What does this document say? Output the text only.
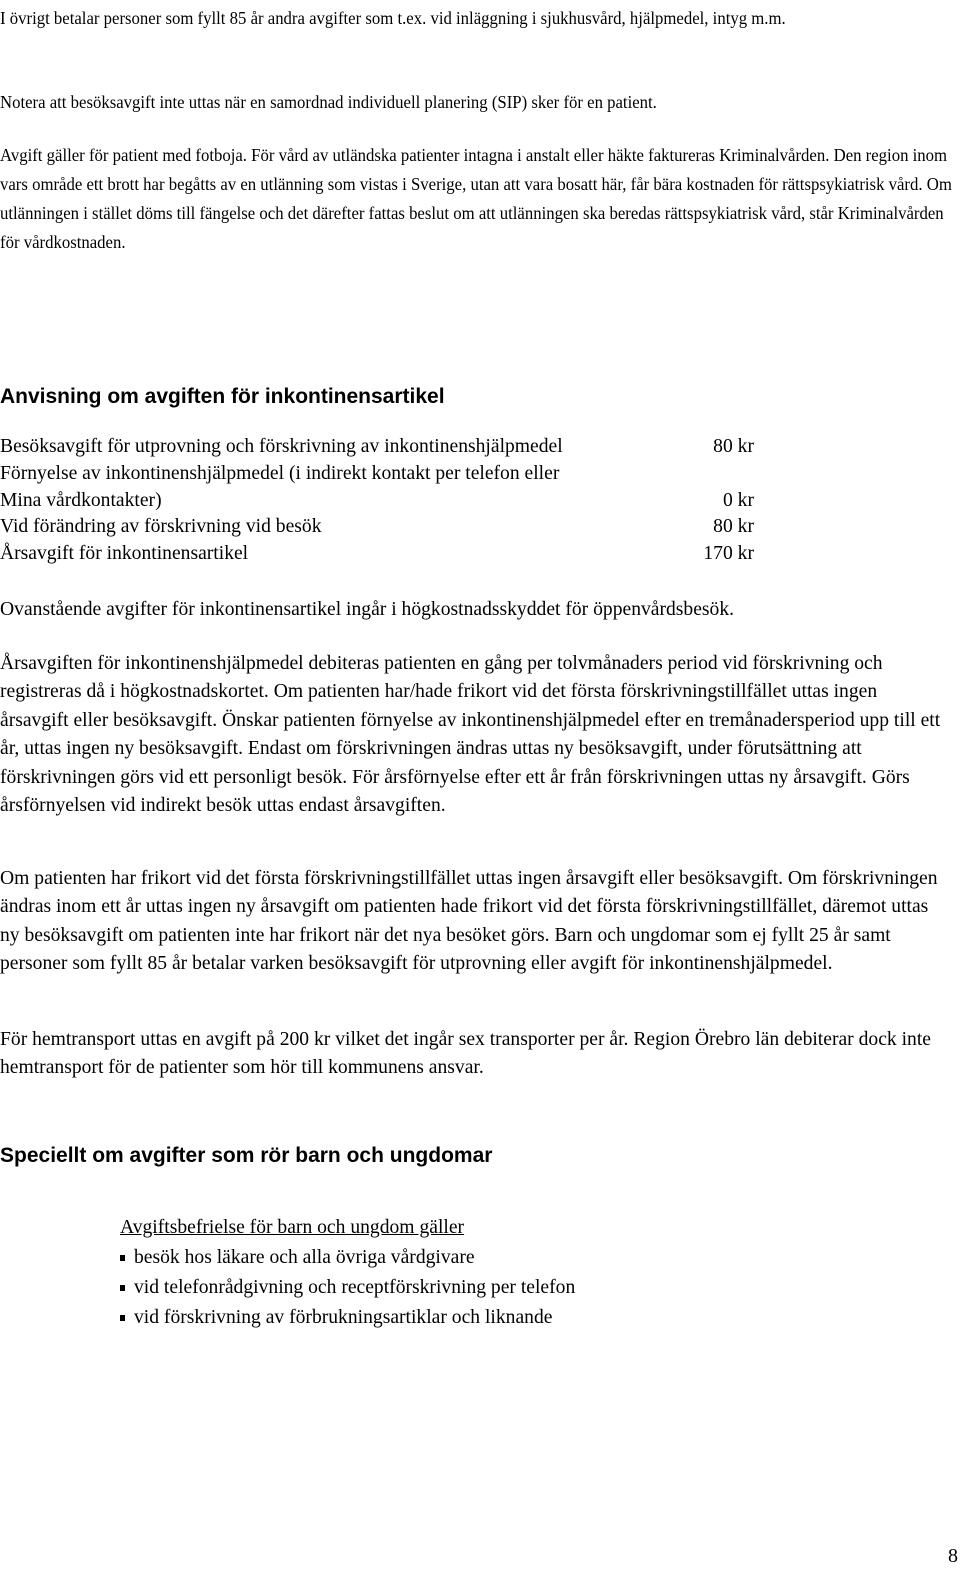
I övrigt betalar personer som fyllt 85 år andra avgifter som t.ex. vid inläggning i sjukhusvård, hjälpmedel, intyg m.m.

Notera att besöksavgift inte uttas när en samordnad individuell planering (SIP) sker för en patient.

Avgift gäller för patient med fotboja. För vård av utländska patienter intagna i anstalt eller häkte faktureras Kriminalvården. Den region inom vars område ett brott har begåtts av en utlänning som vistas i Sverige, utan att vara bosatt här, får bära kostnaden för rättspsykiatrisk vård. Om utlänningen i stället döms till fängelse och det därefter fattas beslut om att utlänningen ska beredas rättspsykiatrisk vård, står Kriminalvården för vårdkostnaden.

Anvisning om avgiften för inkontinensartikel
Besöksavgift för utprovning och förskrivning av inkontinenshjälpmedel	80 kr
Förnyelse av inkontinenshjälpmedel (i indirekt kontakt per telefon eller
Mina vårdkontakter)	0 kr
Vid förändring av förskrivning vid besök	80 kr
Årsavgift för inkontinensartikel	170 kr

Ovanstående avgifter för inkontinensartikel ingår i högkostnadsskyddet för öppenvårdsbesök.

Årsavgiften för inkontinenshjälpmedel debiteras patienten en gång per tolvmånaders period vid förskrivning och registreras då i högkostnadskortet. Om patienten har/hade frikort vid det första förskrivningstillfället uttas ingen årsavgift eller besöksavgift. Önskar patienten förnyelse av inkontinenshjälpmedel efter en tremånadersperiod upp till ett år, uttas ingen ny besöksavgift. Endast om förskrivningen ändras uttas ny besöksavgift, under förutsättning att förskrivningen görs vid ett personligt besök. För årsförnyelse efter ett år från förskrivningen uttas ny årsavgift. Görs årsförnyelsen vid indirekt besök uttas endast årsavgiften.

Om patienten har frikort vid det första förskrivningstillfället uttas ingen årsavgift eller besöksavgift. Om förskrivningen ändras inom ett år uttas ingen ny årsavgift om patienten hade frikort vid det första förskrivningstillfället, däremot uttas ny besöksavgift om patienten inte har frikort när det nya besöket görs. Barn och ungdomar som ej fyllt 25 år samt personer som fyllt 85 år betalar varken besöksavgift för utprovning eller avgift för inkontinenshjälpmedel.

För hemtransport uttas en avgift på 200 kr vilket det ingår sex transporter per år. Region Örebro län debiterar dock inte hemtransport för de patienter som hör till kommunens ansvar.

Speciellt om avgifter som rör barn och ungdomar
Avgiftsbefrielse för barn och ungdom gäller
besök hos läkare och alla övriga vårdgivare
vid telefonrådgivning och receptförskrivning per telefon
vid förskrivning av förbrukningsartiklar och liknande
8
